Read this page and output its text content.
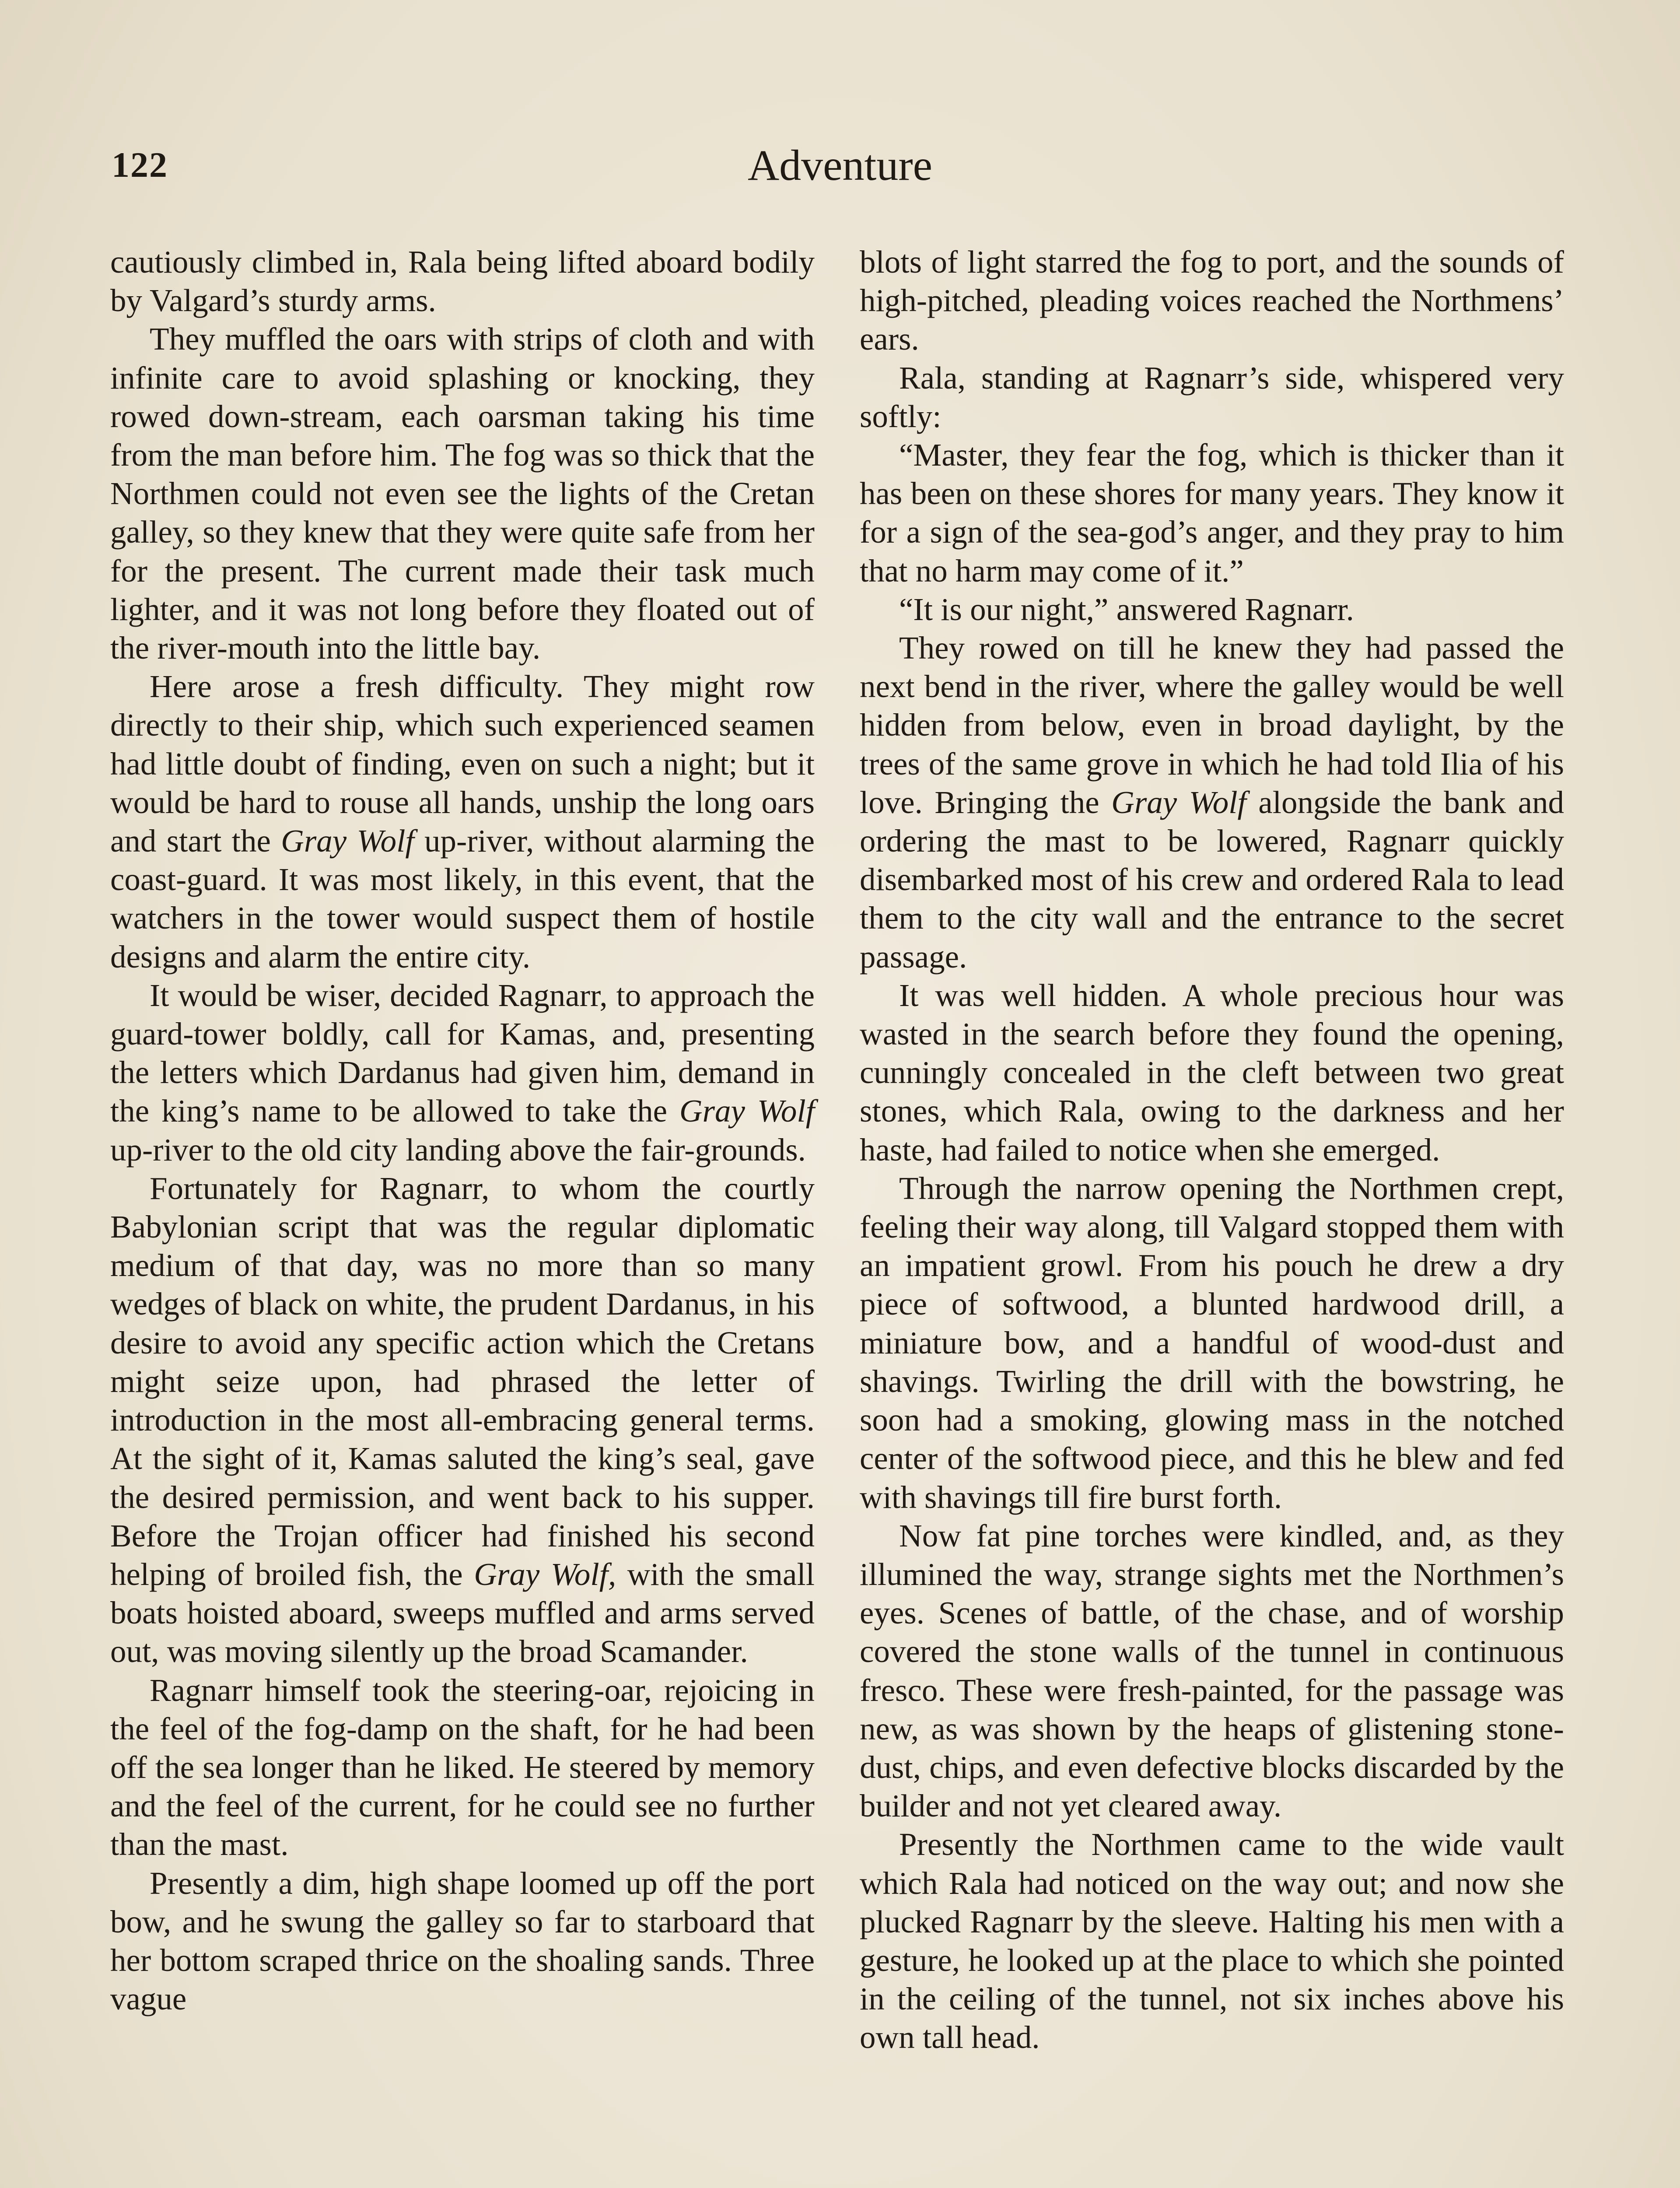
122	Adventure

cautiously climbed in, Rala being lifted aboard bodily by Valgard’s sturdy arms.

They muffled the oars with strips of cloth and with infinite care to avoid splashing or knocking, they rowed down-stream, each oarsman taking his time from the man before him. The fog was so thick that the Northmen could not even see the lights of the Cretan galley, so they knew that they were quite safe from her for the present. The current made their task much lighter, and it was not long before they floated out of the river-mouth into the little bay.

Here arose a fresh difficulty. They might row directly to their ship, which such experienced seamen had little doubt of finding, even on such a night; but it would be hard to rouse all hands, unship the long oars and start the Gray Wolf up-river, without alarming the coast-guard. It was most likely, in this event, that the watchers in the tower would suspect them of hostile designs and alarm the entire city.

It would be wiser, decided Ragnarr, to approach the guard-tower boldly, call for Kamas, and, presenting the letters which Dardanus had given him, demand in the king’s name to be allowed to take the Gray Wolf up-river to the old city landing above the fair-grounds.

Fortunately for Ragnarr, to whom the courtly Babylonian script that was the regular diplomatic medium of that day, was no more than so many wedges of black on white, the prudent Dardanus, in his desire to avoid any specific action which the Cretans might seize upon, had phrased the letter of introduction in the most all-embracing general terms. At the sight of it, Kamas saluted the king’s seal, gave the desired permission, and went back to his supper. Before the Trojan officer had finished his second helping of broiled fish, the Gray Wolf, with the small boats hoisted aboard, sweeps muffled and arms served out, was moving silently up the broad Scamander.

Ragnarr himself took the steering-oar, rejoicing in the feel of the fog-damp on the shaft, for he had been off the sea longer than he liked. He steered by memory and the feel of the current, for he could see no further than the mast.

Presently a dim, high shape loomed up off the port bow, and he swung the galley so far to starboard that her bottom scraped thrice on the shoaling sands. Three vague

blots of light starred the fog to port, and the sounds of high-pitched, pleading voices reached the Northmens’ ears.

Rala, standing at Ragnarr’s side, whispered very softly:

“Master, they fear the fog, which is thicker than it has been on these shores for many years. They know it for a sign of the sea-god’s anger, and they pray to him that no harm may come of it.”

“It is our night,” answered Ragnarr.

They rowed on till he knew they had passed the next bend in the river, where the galley would be well hidden from below, even in broad daylight, by the trees of the same grove in which he had told Ilia of his love. Bringing the Gray Wolf alongside the bank and ordering the mast to be lowered, Ragnarr quickly disembarked most of his crew and ordered Rala to lead them to the city wall and the entrance to the secret passage.

It was well hidden. A whole precious hour was wasted in the search before they found the opening, cunningly concealed in the cleft between two great stones, which Rala, owing to the darkness and her haste, had failed to notice when she emerged.

Through the narrow opening the Northmen crept, feeling their way along, till Valgard stopped them with an impatient growl. From his pouch he drew a dry piece of softwood, a blunted hardwood drill, a miniature bow, and a handful of wood-dust and shavings. Twirling the drill with the bowstring, he soon had a smoking, glowing mass in the notched center of the softwood piece, and this he blew and fed with shavings till fire burst forth.

Now fat pine torches were kindled, and, as they illumined the way, strange sights met the Northmen’s eyes. Scenes of battle, of the chase, and of worship covered the stone walls of the tunnel in continuous fresco. These were fresh-painted, for the passage was new, as was shown by the heaps of glistening stone-dust, chips, and even defective blocks discarded by the builder and not yet cleared away.

Presently the Northmen came to the wide vault which Rala had noticed on the way out; and now she plucked Ragnarr by the sleeve. Halting his men with a gesture, he looked up at the place to which she pointed in the ceiling of the tunnel, not six inches above his own tall head.
